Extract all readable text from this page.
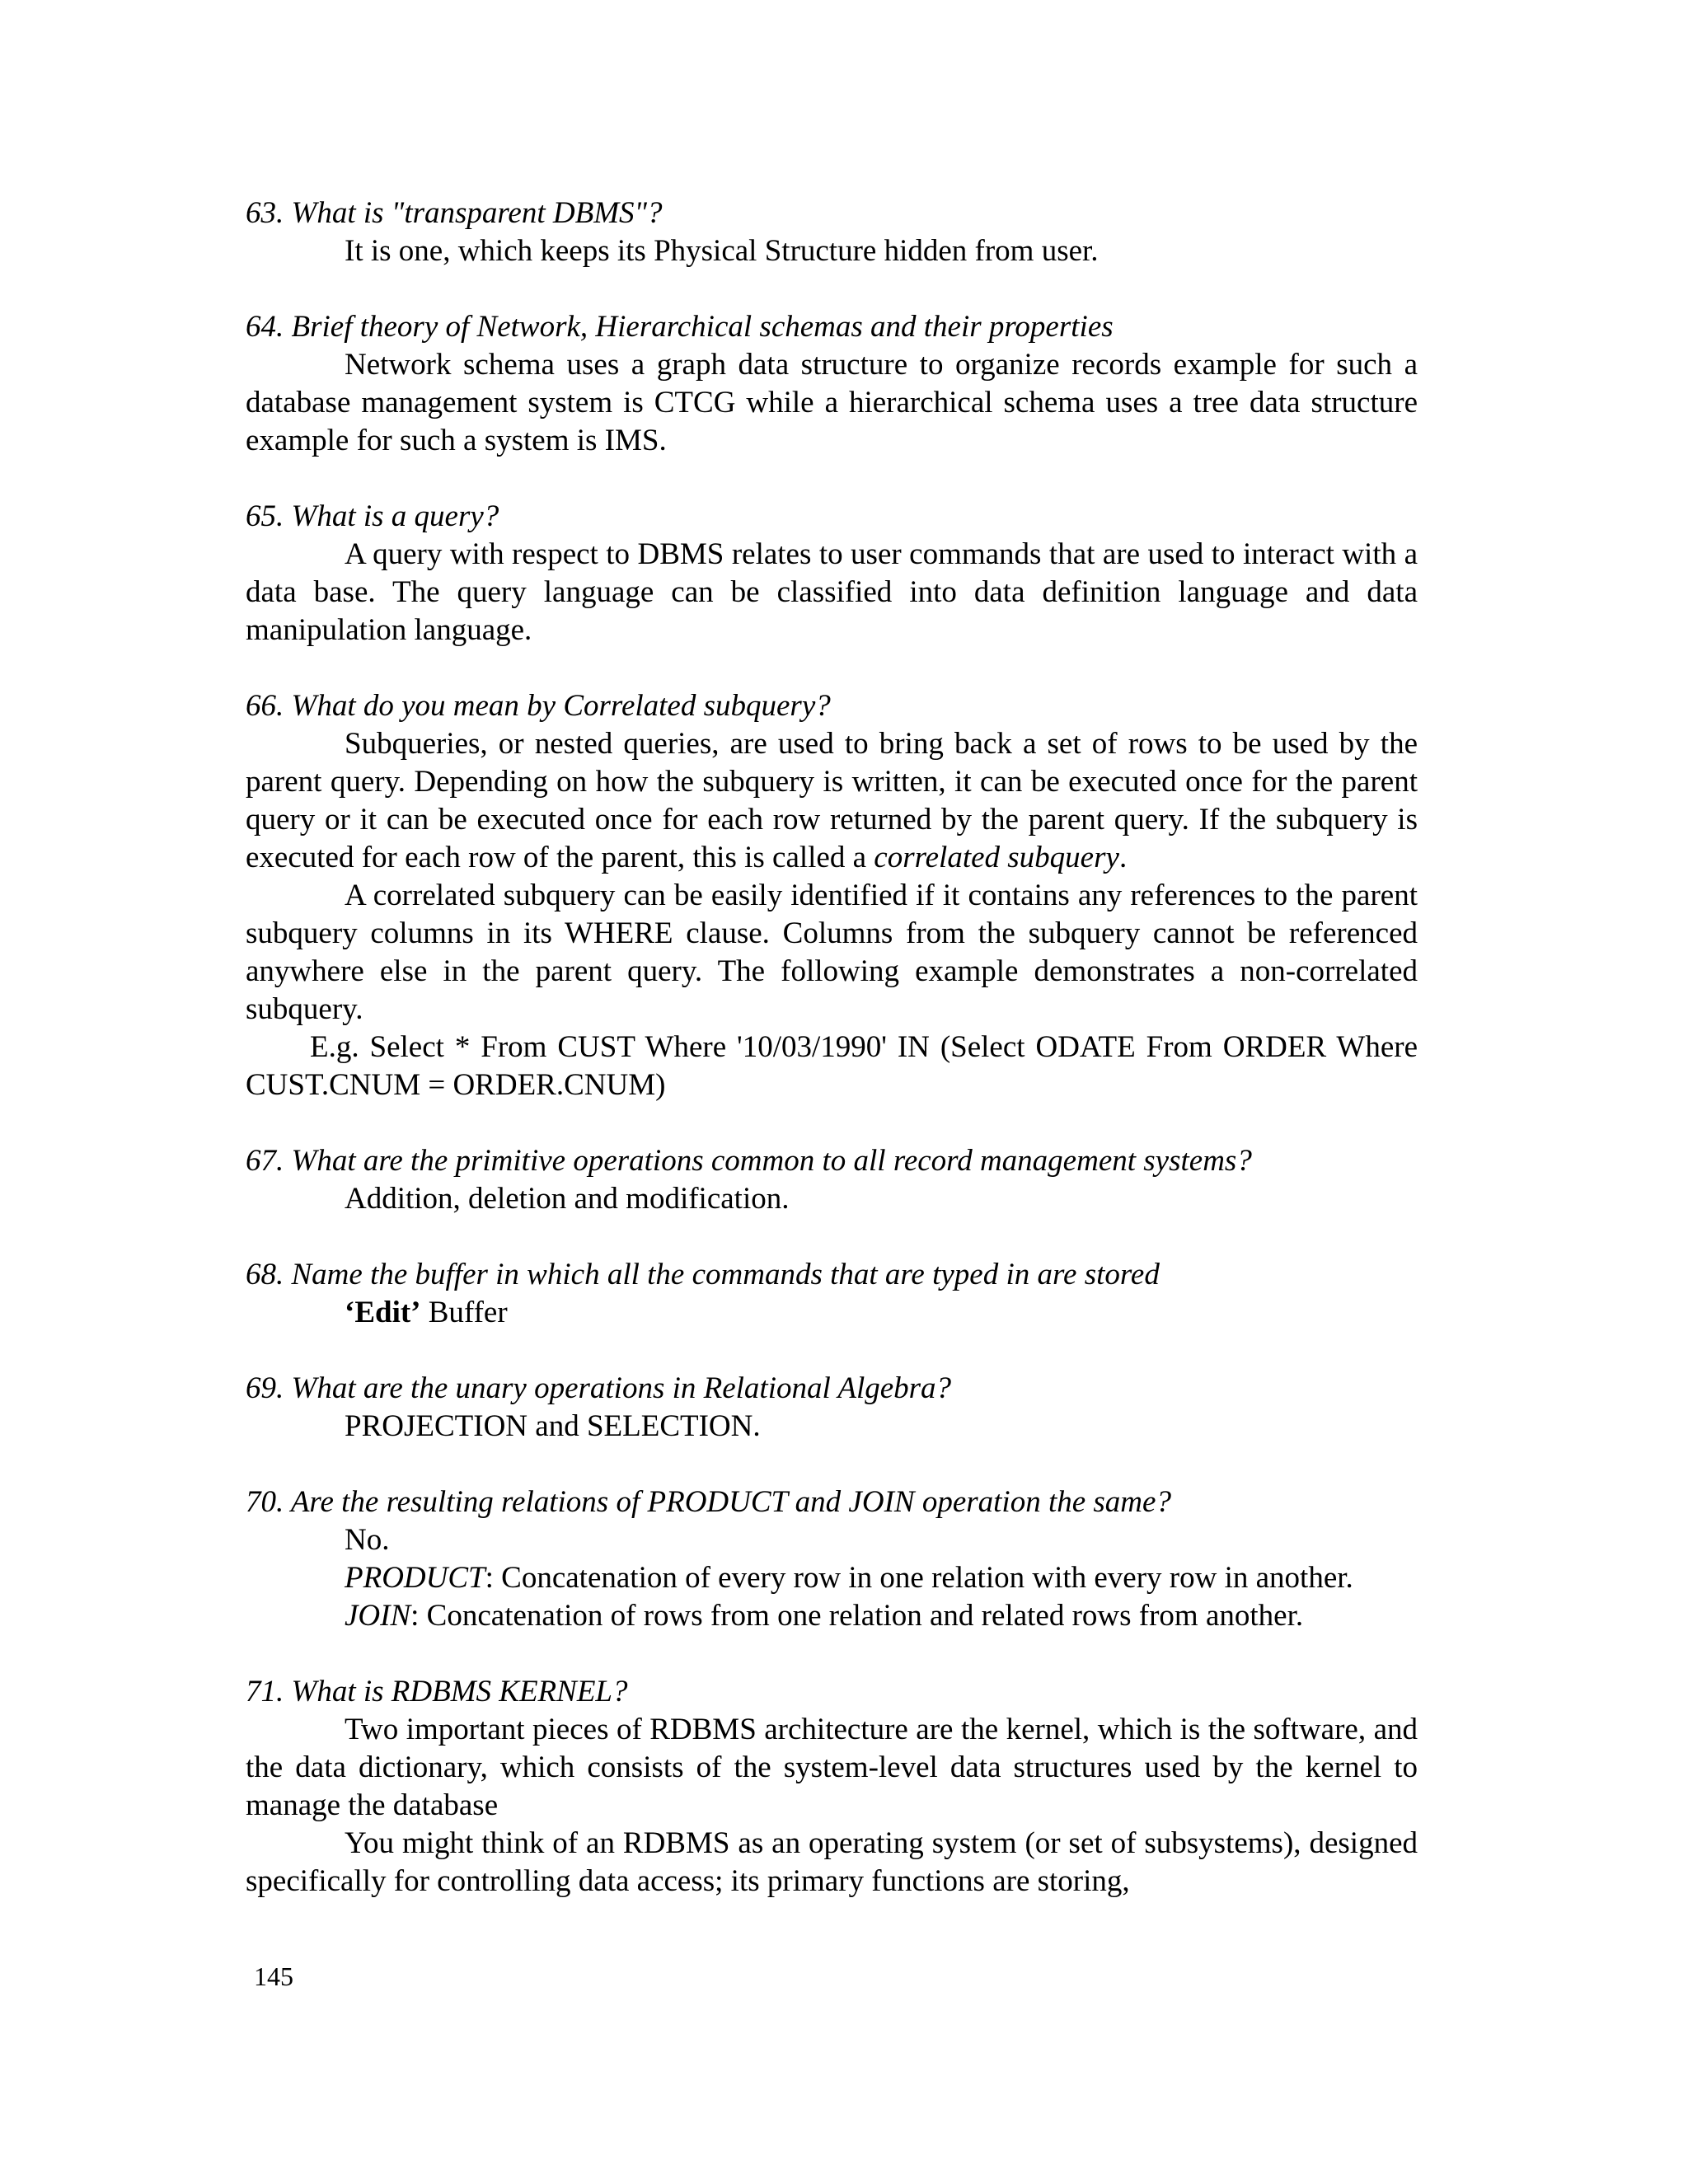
63. What is "transparent DBMS"?

It is one, which keeps its Physical Structure hidden from user.

64. Brief theory of Network, Hierarchical schemas and their properties

Network schema uses a graph data structure to organize records example for such a database management system is CTCG while a hierarchical schema uses a tree data structure example for such a system is IMS.

65. What is a query?

A query with respect to DBMS relates to user commands that are used to interact with a data base. The query language can be classified into data definition language and data manipulation language.

66. What do you mean by Correlated subquery?

Subqueries, or nested queries, are used to bring back a set of rows to be used by the parent query. Depending on how the subquery is written, it can be executed once for the parent query or it can be executed once for each row returned by the parent query. If the subquery is executed for each row of the parent, this is called a correlated subquery.

A correlated subquery can be easily identified if it contains any references to the parent subquery columns in its WHERE clause. Columns from the subquery cannot be referenced anywhere else in the parent query. The following example demonstrates a non-correlated subquery.

E.g. Select * From CUST Where '10/03/1990' IN (Select ODATE From ORDER Where CUST.CNUM = ORDER.CNUM)

67. What are the primitive operations common to all record management systems?

Addition, deletion and modification.

68. Name the buffer in which all the commands that are typed in are stored

‘Edit’ Buffer

69. What are the unary operations in Relational Algebra?

PROJECTION and SELECTION.

70. Are the resulting relations of PRODUCT and JOIN operation the same?

No.

PRODUCT: Concatenation of every row in one relation with every row in another.

JOIN: Concatenation of rows from one relation and related rows from another.

71. What is RDBMS KERNEL?

Two important pieces of RDBMS architecture are the kernel, which is the software, and the data dictionary, which consists of the system-level data structures used by the kernel to manage the database

You might think of an RDBMS as an operating system (or set of subsystems), designed specifically for controlling data access; its primary functions are storing,

145
